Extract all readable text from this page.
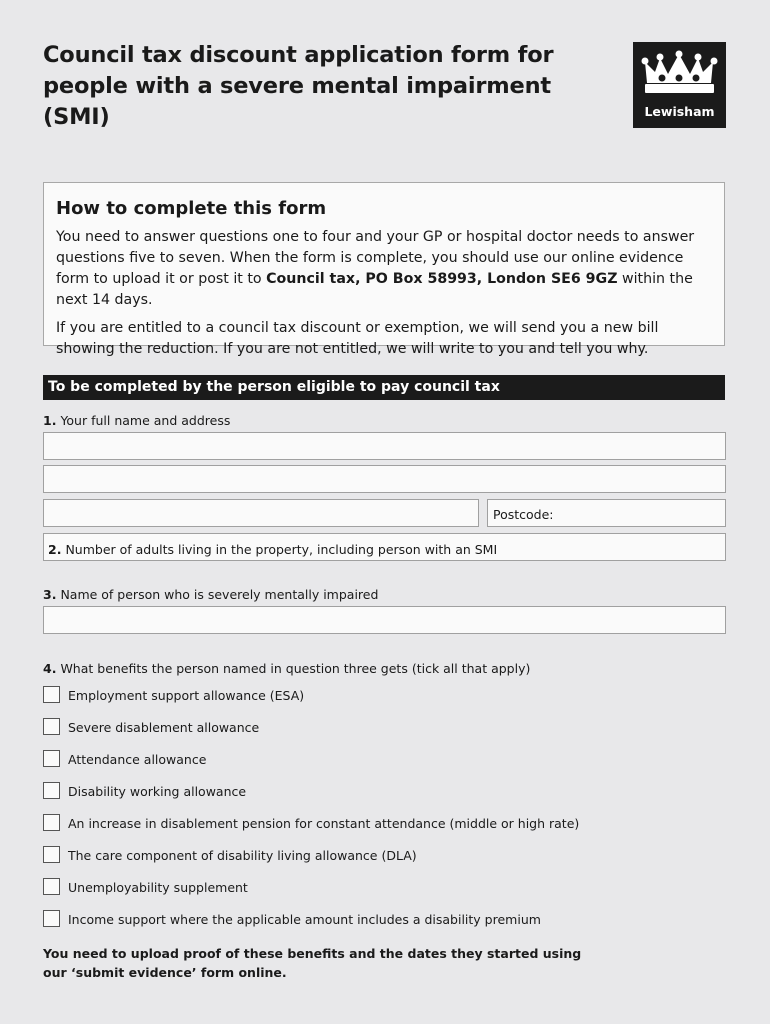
Council tax discount application form for
people with a severe mental impairment (SMI)	Lewisham
How to complete this form

You need to answer questions one to four and your GP or hospital doctor needs to answer questions five to seven. When the form is complete, you should use our online evidence form to upload it or post it to Council tax, PO Box 58993, London SE6 9GZ within the next 14 days.

If you are entitled to a council tax discount or exemption, we will send you a new bill showing the reduction. If you are not entitled, we will write to you and tell you why.

To be completed by the person eligible to pay council tax

1. Your full name and address

Postcode:
2. Number of adults living in the property, including person with an SMI

3. Name of person who is severely mentally impaired

4. What benefits the person named in question three gets (tick all that apply)

Employment support allowance (ESA)
Severe disablement allowance
Attendance allowance
Disability working allowance
An increase in disablement pension for constant attendance (middle or high rate)
The care component of disability living allowance (DLA)
Unemployability supplement
Income support where the applicable amount includes a disability premium

You need to upload proof of these benefits and the dates they started using
our ‘submit evidence’ form online.
